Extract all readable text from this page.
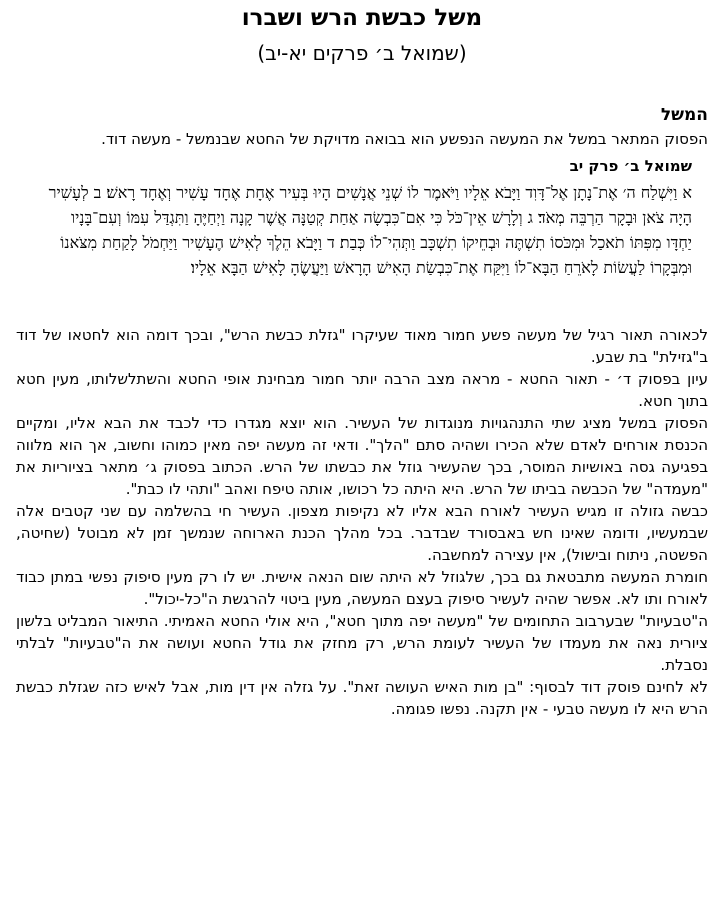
משל כבשת הרש ושברו
(שמואל ב׳ פרקים יא-יב)
המשל

הפסוק המתאר במשל את המעשה הנפשע הוא בבואה מדויקת של החטא שבנמשל - מעשה דוד.

שמואל ב׳ פרק יב

א וַיִּשְׁלַח ה׳ אֶת־נָתָן אֶל־דָּוִד וַיָּבֹא אֵלָיו וַיֹּאמֶר לוֹ שְׁנֵי אֲנָשִׁים הָיוּ בְּעִיר אֶחָת אֶחָד עָשִׁיר וְאֶחָד רָאשׁ׃ ב לְעָשִׁיר הָיָה צֹאן וּבָקָר הַרְבֵּה מְאֹד׃ ג וְלָרָשׁ אֵין־כֹּל כִּי אִם־כִּבְשָׂה אַחַת קְטַנָּה אֲשֶׁר קָנָה וַיְחַיֶּהָ וַתִּגְדַּל עִמּוֹ וְעִם־בָּנָיו יַחְדָּו מִפִּתּוֹ תֹאכַל וּמִכֹּסוֹ תִשְׁתֶּה וּבְחֵיקוֹ תִשְׁכָּב וַתְּהִי־לוֹ כְּבַת׃ ד וַיָּבֹא הֵלֶךְ לְאִישׁ הֶעָשִׁיר וַיַּחְמֹל לָקַחַת מִצֹּאנוֹ וּמִבְּקָרוֹ לַעֲשׂוֹת לָאֹרֵחַ הַבָּא־לוֹ וַיִּקַּח אֶת־כִּבְשַׂת הָאִישׁ הָרָאשׁ וַיַּעֲשֶׂהָ לָאִישׁ הַבָּא אֵלָיו׃

לכאורה תאור רגיל של מעשה פשע חמור מאוד שעיקרו "גזלת כבשת הרש", ובכך דומה הוא לחטאו של דוד ב"גזילת" בת שבע.

עיון בפסוק ד׳ - תאור החטא - מראה מצב הרבה יותר חמור מבחינת אופי החטא והשתלשלותו, מעין חטא בתוך חטא.

הפסוק במשל מציג שתי התנהגויות מנוגדות של העשיר. הוא יוצא מגדרו כדי לכבד את הבא אליו, ומקיים הכנסת אורחים לאדם שלא הכירו ושהיה סתם "הלך". ודאי זה מעשה יפה מאין כמוהו וחשוב, אך הוא מלווה בפגיעה גסה באושיות המוסר, בכך שהעשיר גוזל את כבשתו של הרש. הכתוב בפסוק ג׳ מתאר בציוריות את "מעמדה" של הכבשה בביתו של הרש. היא היתה כל רכושו, אותה טיפח ואהב "ותהי לו כבת".

כבשה גזולה זו מגיש העשיר לאורח הבא אליו לא נקיפות מצפון. העשיר חי בהשלמה עם שני קטבים אלה שבמעשיו, ודומה שאינו חש באבסורד שבדבר. בכל מהלך הכנת הארוחה שנמשך זמן לא מבוטל (שחיטה, הפשטה, ניתוח ובישול), אין עצירה למחשבה.

חומרת המעשה מתבטאת גם בכך, שלגוזל לא היתה שום הנאה אישית. יש לו רק מעין סיפוק נפשי במתן כבוד לאורח ותו לא. אפשר שהיה לעשיר סיפוק בעצם המעשה, מעין ביטוי להרגשת ה"כל-יכול".

ה"טבעיות" שבערבוב התחומים של "מעשה יפה מתוך חטא", היא אולי החטא האמיתי. התיאור המבליט בלשון ציורית נאה את מעמדו של העשיר לעומת הרש, רק מחזק את גודל החטא ועושה את ה"טבעיות" לבלתי נסבלת.

לא לחינם פוסק דוד לבסוף: "בן מות האיש העושה זאת". על גזלה אין דין מות, אבל לאיש כזה שגזלת כבשת הרש היא לו מעשה טבעי - אין תקנה. נפשו פגומה.
